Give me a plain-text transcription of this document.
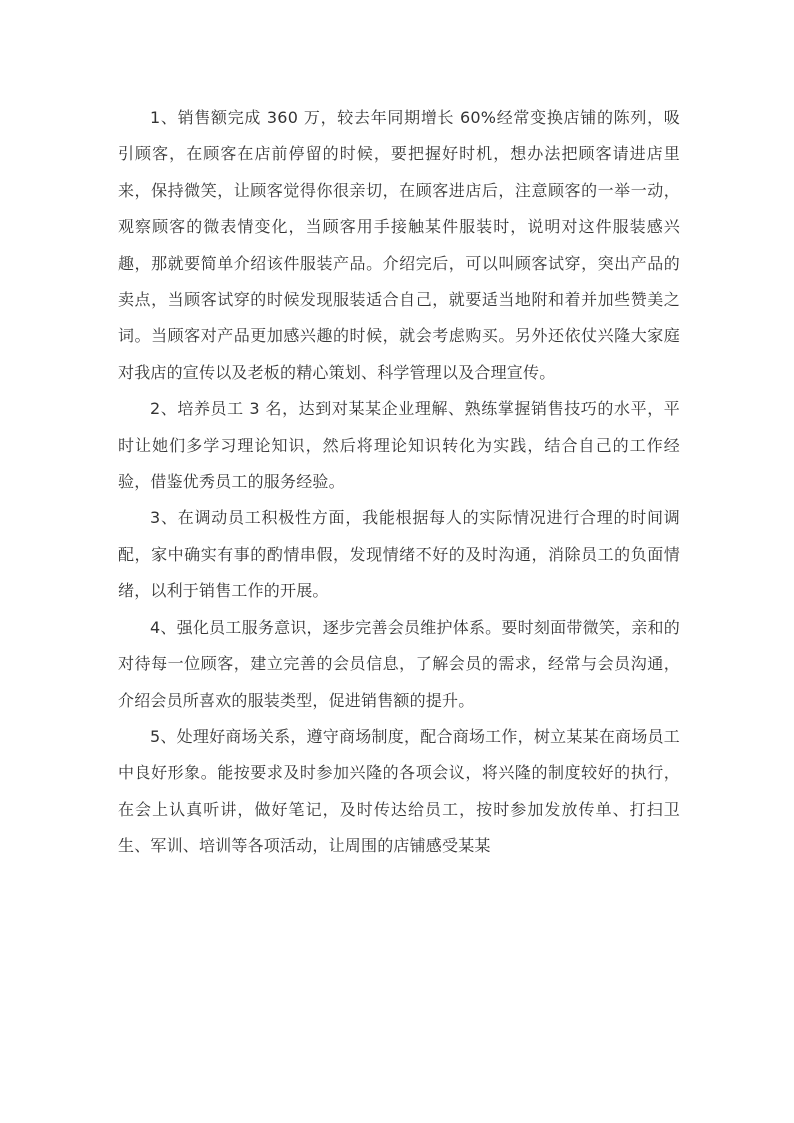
1、销售额完成 360 万，较去年同期增长 60%经常变换店铺的陈列，吸引顾客，在顾客在店前停留的时候，要把握好时机，想办法把顾客请进店里来，保持微笑，让顾客觉得你很亲切，在顾客进店后，注意顾客的一举一动，观察顾客的微表情变化，当顾客用手接触某件服装时，说明对这件服装感兴趣，那就要简单介绍该件服装产品。介绍完后，可以叫顾客试穿，突出产品的卖点，当顾客试穿的时候发现服装适合自己，就要适当地附和着并加些赞美之词。当顾客对产品更加感兴趣的时候，就会考虑购买。另外还依仗兴隆大家庭对我店的宣传以及老板的精心策划、科学管理以及合理宣传。

2、培养员工 3 名，达到对某某企业理解、熟练掌握销售技巧的水平，平时让她们多学习理论知识，然后将理论知识转化为实践，结合自己的工作经验，借鉴优秀员工的服务经验。

3、在调动员工积极性方面，我能根据每人的实际情况进行合理的时间调配，家中确实有事的酌情串假，发现情绪不好的及时沟通，消除员工的负面情绪，以利于销售工作的开展。

4、强化员工服务意识，逐步完善会员维护体系。要时刻面带微笑，亲和的对待每一位顾客，建立完善的会员信息，了解会员的需求，经常与会员沟通，介绍会员所喜欢的服装类型，促进销售额的提升。

5、处理好商场关系，遵守商场制度，配合商场工作，树立某某在商场员工中良好形象。能按要求及时参加兴隆的各项会议，将兴隆的制度较好的执行，在会上认真听讲，做好笔记，及时传达给员工，按时参加发放传单、打扫卫生、军训、培训等各项活动，让周围的店铺感受某某
